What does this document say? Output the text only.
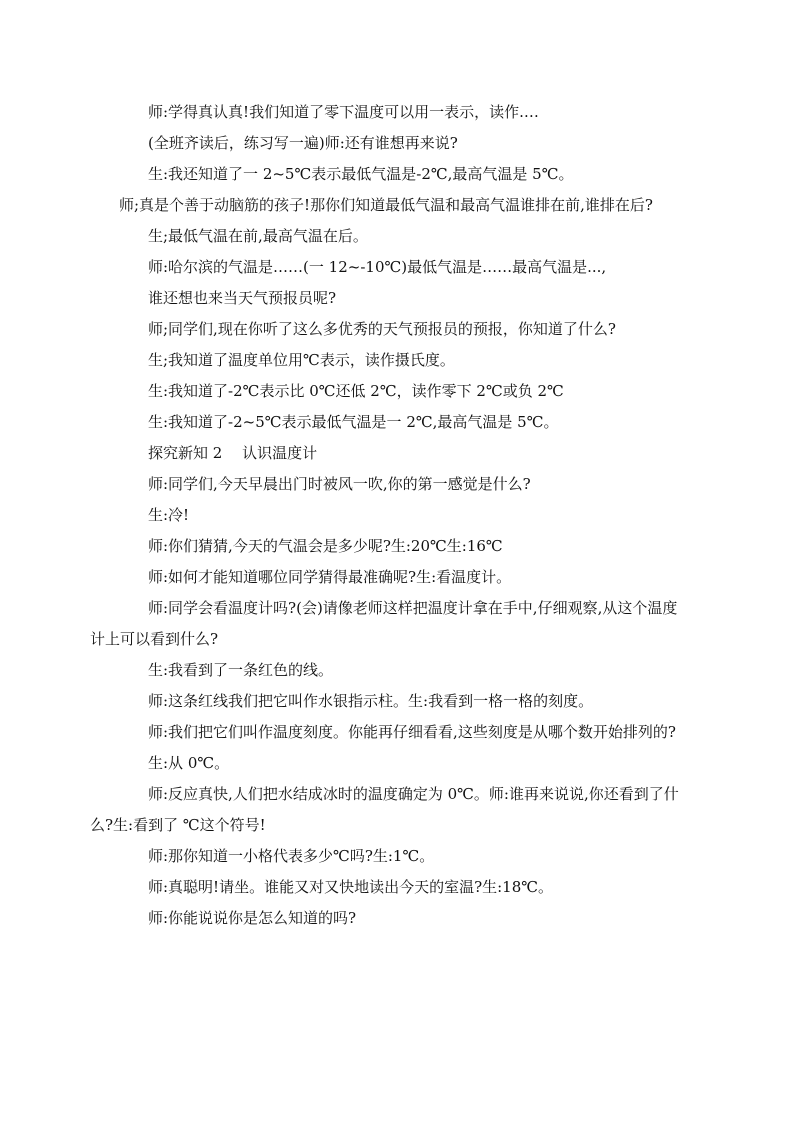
师:学得真认真!我们知道了零下温度可以用一表示，读作.…

(全班齐读后，练习写一遍)师:还有谁想再来说?

生:我还知道了一 2~5℃表示最低气温是-2℃,最高气温是 5℃。

师;真是个善于动脑筋的孩子!那你们知道最低气温和最高气温谁排在前,谁排在后?

生;最低气温在前,最高气温在后。

师:哈尔滨的气温是……(一 12~-10℃)最低气温是……最高气温是...,

谁还想也来当天气预报员呢?

师;同学们,现在你听了这么多优秀的天气预报员的预报，你知道了什么?

生;我知道了温度单位用℃表示，读作摄氏度。

生:我知道了-2℃表示比 0℃还低 2℃，读作零下 2℃或负 2℃

生:我知道了-2~5℃表示最低气温是一 2℃,最高气温是 5℃。

探究新知 2　 认识温度计

师:同学们,今天早晨出门时被风一吹,你的第一感觉是什么?

生:冷!

师:你们猜猜,今天的气温会是多少呢?生:20℃生:16℃

师:如何才能知道哪位同学猜得最准确呢?生:看温度计。

师:同学会看温度计吗?(会)请像老师这样把温度计拿在手中,仔细观察,从这个温度计上可以看到什么?

生:我看到了一条红色的线。

师:这条红线我们把它叫作水银指示柱。生:我看到一格一格的刻度。

师:我们把它们叫作温度刻度。你能再仔细看看,这些刻度是从哪个数开始排列的?

生:从 0℃。

师:反应真快,人们把水结成冰时的温度确定为 0℃。师:谁再来说说,你还看到了什么?生:看到了 ℃这个符号!

师:那你知道一小格代表多少℃吗?生:1℃。

师:真聪明!请坐。谁能又对又快地读出今天的室温?生:18℃。

师:你能说说你是怎么知道的吗?
